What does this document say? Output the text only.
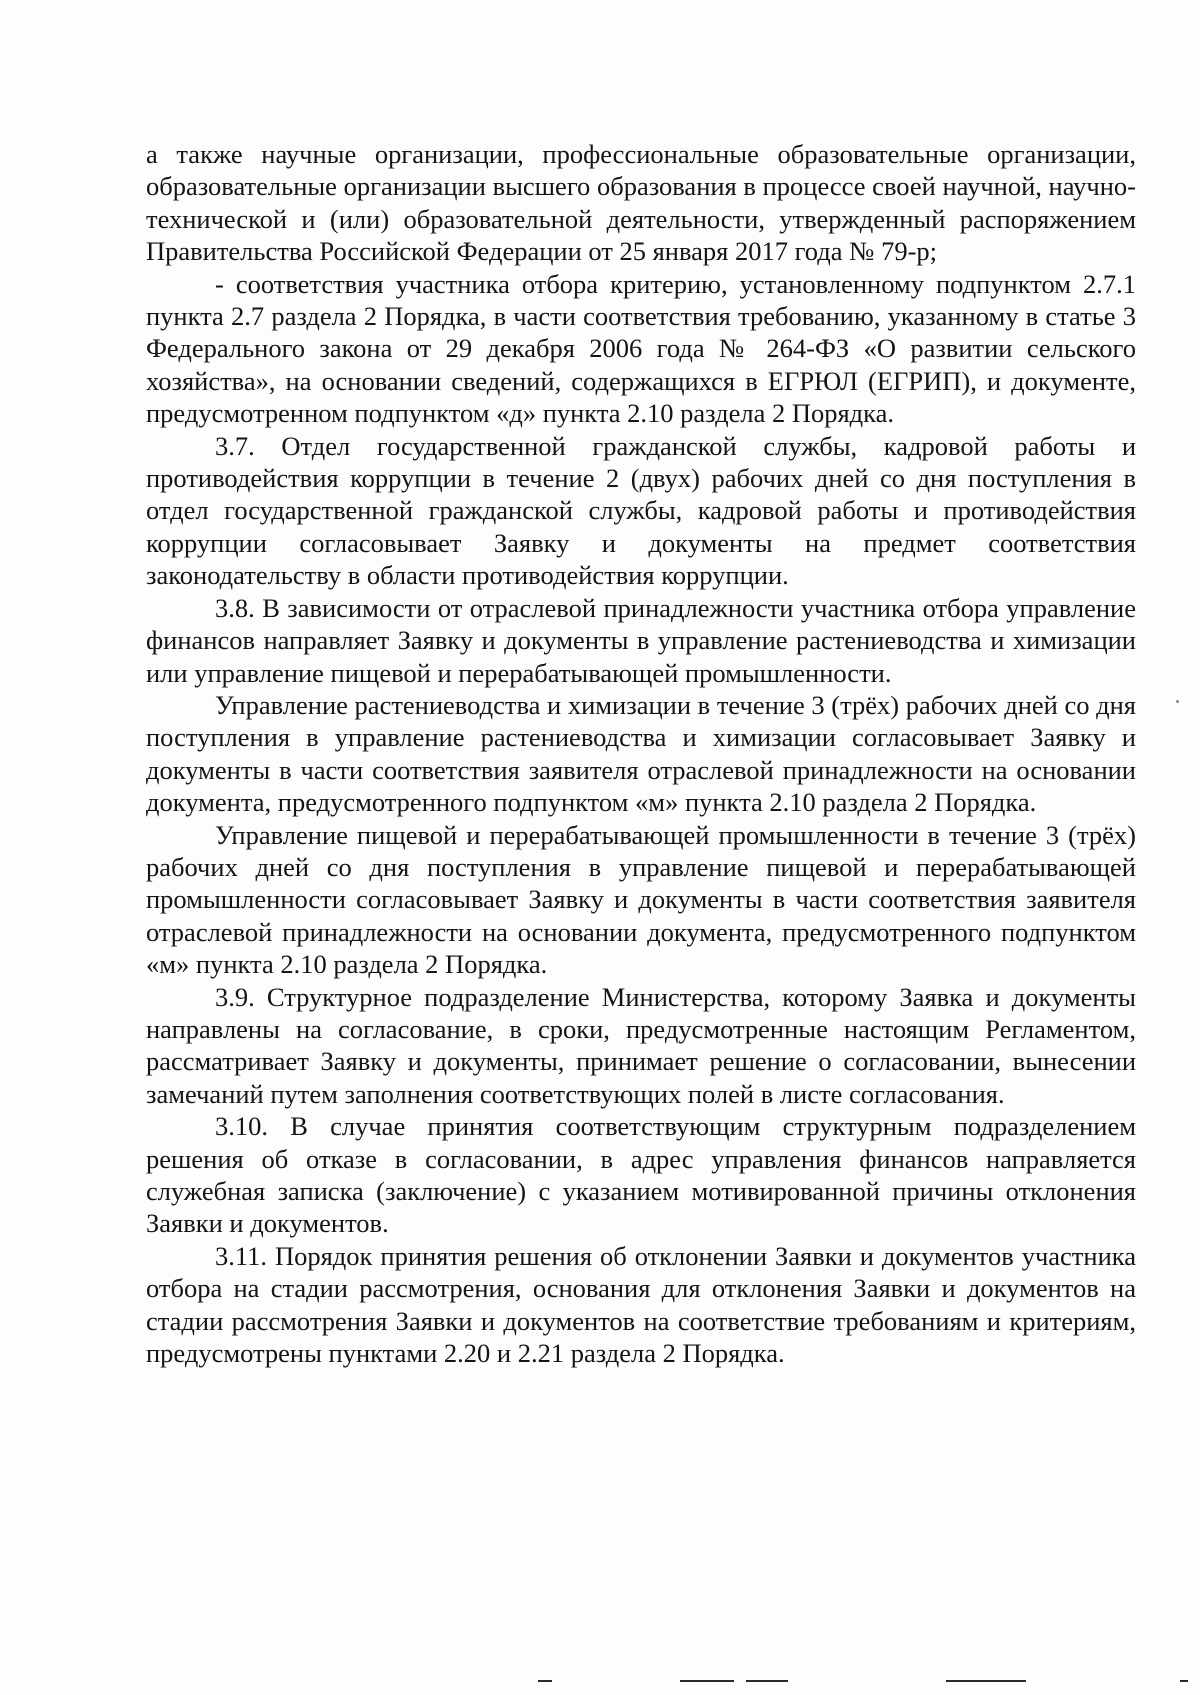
а также научные организации, профессиональные образовательные организации, образовательные организации высшего образования в процессе своей научной, научно-технической и (или) образовательной деятельности, утвержденный распоряжением Правительства Российской Федерации от 25 января 2017 года № 79-р;

- соответствия участника отбора критерию, установленному подпунктом 2.7.1 пункта 2.7 раздела 2 Порядка, в части соответствия требованию, указанному в статье 3 Федерального закона от 29 декабря 2006 года № 264-ФЗ «О развитии сельского хозяйства», на основании сведений, содержащихся в ЕГРЮЛ (ЕГРИП), и документе, предусмотренном подпунктом «д» пункта 2.10 раздела 2 Порядка.

3.7. Отдел государственной гражданской службы, кадровой работы и противодействия коррупции в течение 2 (двух) рабочих дней со дня поступления в отдел государственной гражданской службы, кадровой работы и противодействия коррупции согласовывает Заявку и документы на предмет соответствия законодательству в области противодействия коррупции.

3.8. В зависимости от отраслевой принадлежности участника отбора управление финансов направляет Заявку и документы в управление растениеводства и химизации или управление пищевой и перерабатывающей промышленности.

Управление растениеводства и химизации в течение 3 (трёх) рабочих дней со дня поступления в управление растениеводства и химизации согласовывает Заявку и документы в части соответствия заявителя отраслевой принадлежности на основании документа, предусмотренного подпунктом «м» пункта 2.10 раздела 2 Порядка.

Управление пищевой и перерабатывающей промышленности в течение 3 (трёх) рабочих дней со дня поступления в управление пищевой и перерабатывающей промышленности согласовывает Заявку и документы в части соответствия заявителя отраслевой принадлежности на основании документа, предусмотренного подпунктом «м» пункта 2.10 раздела 2 Порядка.

3.9. Структурное подразделение Министерства, которому Заявка и документы направлены на согласование, в сроки, предусмотренные настоящим Регламентом, рассматривает Заявку и документы, принимает решение о согласовании, вынесении замечаний путем заполнения соответствующих полей в листе согласования.

3.10. В случае принятия соответствующим структурным подразделением решения об отказе в согласовании, в адрес управления финансов направляется служебная записка (заключение) с указанием мотивированной причины отклонения Заявки и документов.

3.11. Порядок принятия решения об отклонении Заявки и документов участника отбора на стадии рассмотрения, основания для отклонения Заявки и документов на стадии рассмотрения Заявки и документов на соответствие требованиям и критериям, предусмотрены пунктами 2.20 и 2.21 раздела 2 Порядка.
